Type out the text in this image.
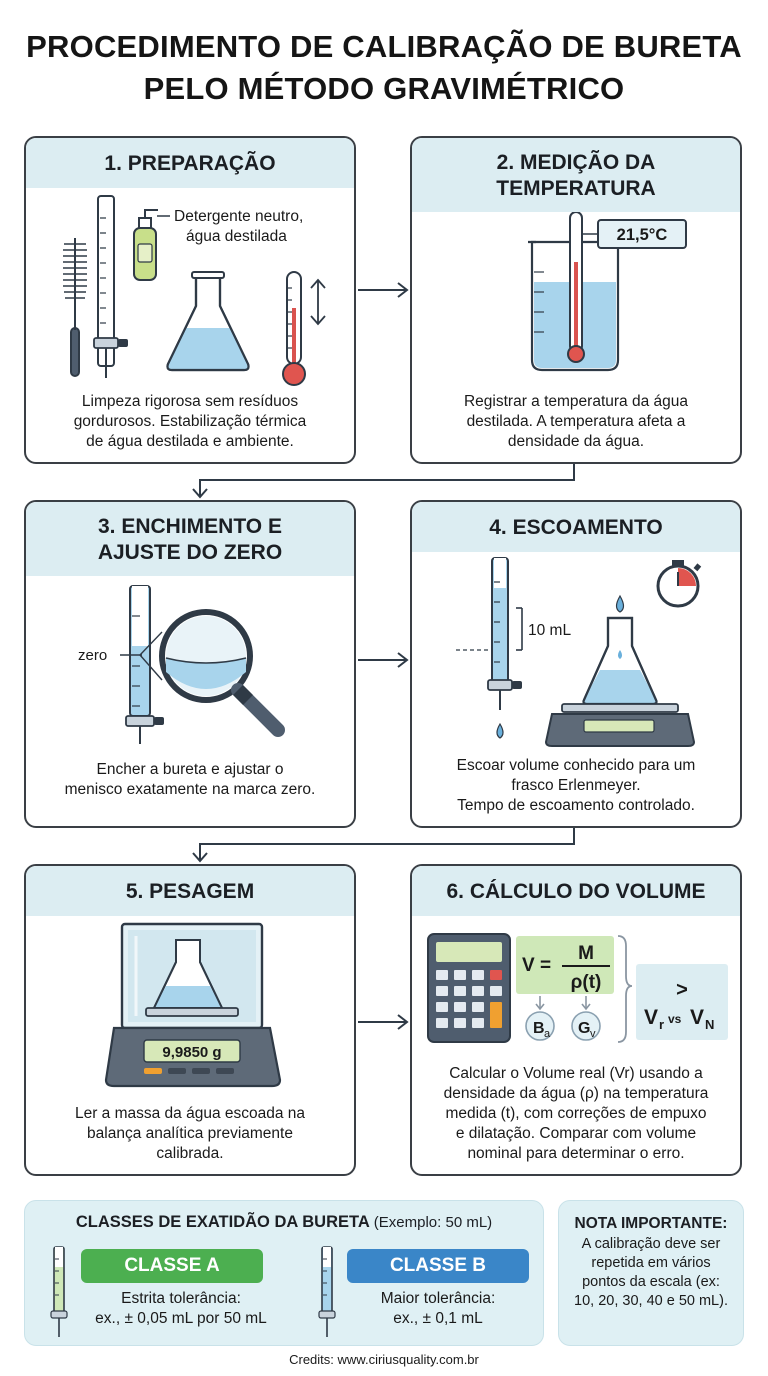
PROCEDIMENTO DE CALIBRAÇÃO DE BURETA
PELO MÉTODO GRAVIMÉTRICO
1. PREPARAÇÃO
Detergente neutro,
água destilada
Limpeza rigorosa sem resíduos
gordurosos. Estabilização térmica
de água destilada e ambiente.
2. MEDIÇÃO DA
TEMPERATURA
21,5°C
Registrar a temperatura da água
destilada. A temperatura afeta a
densidade da água.
3. ENCHIMENTO E
AJUSTE DO ZERO
zero
Encher a bureta e ajustar o
menisco exatamente na marca zero.
4. ESCOAMENTO
10 mL
Escoar volume conhecido para um
frasco Erlenmeyer.
Tempo de escoamento controlado.
5. PESAGEM
9,9850 g
Ler a massa da água escoada na
balança analítica previamente
calibrada.
6. CÁLCULO DO VOLUME
V =
M
ρ(t)
B a G v
>
V r vs V N
Calcular o Volume real (Vr) usando a
densidade da água (ρ) na temperatura
medida (t), com correções de empuxo
e dilatação. Comparar com volume
nominal para determinar o erro.
CLASSES DE EXATIDÃO DA BURETA (Exemplo: 50 mL)
CLASSE A
Estrita tolerância:
ex., ± 0,05 mL por 50 mL
CLASSE B
Maior tolerância:
ex., ± 0,1 mL
NOTA IMPORTANTE:
A calibração deve ser
repetida em vários
pontos da escala (ex:
10, 20, 30, 40 e 50 mL).
Credits: www.ciriusquality.com.br
